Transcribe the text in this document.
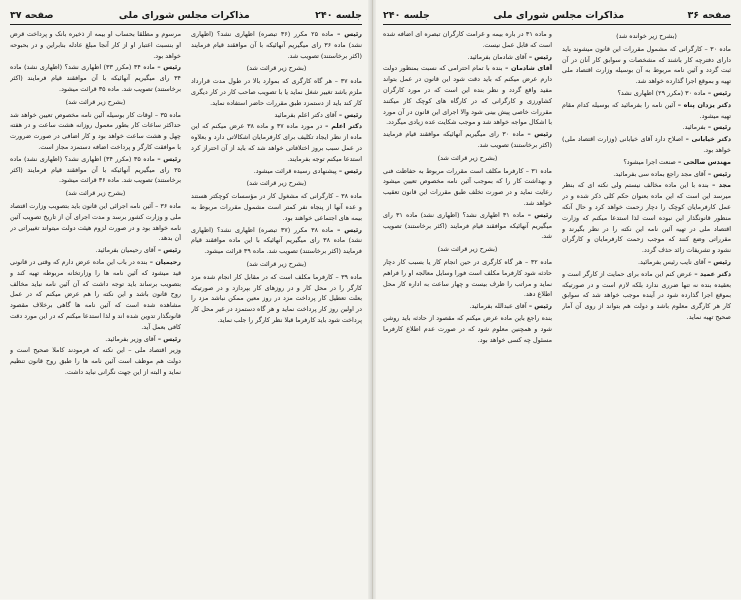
جلسه ۲۴۰
مذاکرات مجلس شورای ملی
صفحه ۳۷

رئیس – ماده ۲۵ مکرر (۳۶ تبصره) اظهاری نشد؟ (اظهاری نشد) ماده ۳۶ رای میگیریم آنهائیکه با آن موافقند قیام فرمایند (اکثر برخاستند) تصویب شد.

(بشرح زیر قرائت شد)

ماده ۳۷ – هر گاه کارگری که بموارد بالا در طول مدت قرارداد ملزم باشد تغییر شغل نماید یا با تصویب صاحب کار در کار دیگری کار کند باید از دستمزد طبق مقررات حاضر استفاده نماید.

رئیس – آقای دکتر اعلم بفرمائید

دکتر اعلم – در مورد ماده ۳۷ و ماده ۳۸ عرض میکنم که این ماده از نظر ایجاد تکلیف برای کارفرمایان اشکالاتی دارد و بعلاوه در عمل سبب بروز اختلافاتی خواهد شد که باید از آن احتراز کرد استدعا میکنم توجه بفرمایند.

رئیس – پیشنهادی رسیده قرائت میشود.

(بشرح زیر قرائت شد)

ماده ۳۸ – کارگرانی که مشغول کار در مؤسسات کوچکتر هستند و عده آنها از پنجاه نفر کمتر است مشمول مقررات مربوط به بیمه های اجتماعی خواهند بود.

رئیس – ماده ۳۸ مکرر (۳۷ تبصره) اظهاری نشد؟ (اظهاری نشد) ماده ۳۸ رای میگیریم آنهائیکه با این ماده موافقند قیام فرمایند (اکثر برخاستند) تصویب شد. ماده ۳۹ قرائت میشود.

(بشرح زیر قرائت شد)

ماده ۳۹ – کارفرما مکلف است که در مقابل کار انجام شده مزد کارگر را در محل کار و در روزهای کار بپردازد و در صورتیکه بعلت تعطیل کار پرداخت مزد در روز معین ممکن نباشد مزد را در اولین روز کار پرداخت نماید و هر گاه دستمزد در غیر محل کار پرداخت شود باید کارفرما قبلا نظر کارگر را جلب نماید.

مرسوم و مطلقا بحساب او بیمه از ذخیره بانک و پرداخت قرض او بنسبت اعتبار او از کار آنجا مبلغ عادله بنابراین و در بحبوحه خواهد بود.

رئیس – ماده ۳۴ (مکرر ۳۳) اظهاری نشد؟ (اظهاری نشد) ماده ۳۴ رای میگیریم آنهائیکه با آن موافقند قیام فرمایند (اکثر برخاستند) تصویب شد. ماده ۳۵ قرائت میشود.

(بشرح زیر قرائت شد)

ماده ۳۵ – اوقات کار بوسیله آئین نامه مخصوص تعیین خواهد شد حداکثر ساعات کار بطور معمول روزانه هشت ساعت و در هفته چهل و هشت ساعت خواهد بود و کار اضافی در صورت ضرورت با موافقت کارگر و پرداخت اضافه دستمزد مجاز است.

رئیس – ماده ۳۵ (مکرر ۳۴) اظهاری نشد؟ (اظهاری نشد) ماده ۳۵ رای میگیریم آنهائیکه با آن موافقند قیام فرمایند (اکثر برخاستند) تصویب شد. ماده ۳۶ قرائت میشود.

(بشرح زیر قرائت شد)

ماده ۳۶ – آئین نامه اجرائی این قانون باید بتصویب وزارت اقتصاد ملی و وزارت کشور برسد و مدت اجرای آن از تاریخ تصویب آئین نامه خواهد بود و در صورت لزوم هیئت دولت میتواند تغییراتی در آن بدهد.

رئیس – آقای رحیمیان بفرمائید.

رحیمیان – بنده در باب این ماده عرض دارم که وقتی در قانونی قید میشود که آئین نامه ها را وزارتخانه مربوطه تهیه کند و بتصویب برساند باید توجه داشت که آن آئین نامه نباید مخالف روح قانون باشد و این نکته را هم عرض میکنم که در عمل مشاهده شده است که آئین نامه ها گاهی برخلاف مقصود قانونگذار تدوین شده اند و لذا استدعا میکنم که در این مورد دقت کافی بعمل آید.

رئیس – آقای وزیر بفرمائید.

وزیر اقتصاد ملی – این نکته که فرمودند کاملا صحیح است و دولت هم موظف است آئین نامه ها را طبق روح قانون تنظیم نماید و البته از این جهت نگرانی نباید داشت.

صفحه ۳۶
مذاکرات مجلس شورای ملی
جلسه ۲۴۰

(بشرح زیر خوانده شد)

ماده ۳۰ – کارگرانی که مشمول مقررات این قانون میشوند باید دارای دفترچه کار باشند که مشخصات و سوابق کار آنان در آن ثبت گردد و آئین نامه مربوط به آن بوسیله وزارت اقتصاد ملی تهیه و بموقع اجرا گذارده خواهد شد.

رئیس – ماده ۳۰ (مکرر ۲۹) اظهاری نشد؟

دکتر یزدان پناه – آئین نامه را بفرمائید که بوسیله کدام مقام تهیه میشود.

رئیس – بفرمائید.

دکتر خیابانی – اصلاح دارد آقای خیابانی (وزارت اقتصاد ملی) خواهد بود.

مهندس صالحی – صنعت اجرا میشود؟

رئیس – آقای مجد راجع بماده سی بفرمائید.

مجد – بنده با این ماده مخالف نیستم ولی نکته ای که بنظر میرسد این است که این ماده بعنوان حکم کلی ذکر شده و در عمل کارفرمایان کوچک را دچار زحمت خواهد کرد و حال آنکه منظور قانونگذار این نبوده است لذا استدعا میکنم که وزارت اقتصاد ملی در تهیه آئین نامه این نکته را در نظر بگیرند و مقرراتی وضع کنند که موجب زحمت کارفرمایان و کارگران نشود و تشریفات زائد حذف گردد.

رئیس – آقای نایب رئیس بفرمائید.

دکتر عمید – عرض کنم این ماده برای حمایت از کارگر است و بعقیده بنده نه تنها ضرری ندارد بلکه لازم است و در صورتیکه بموقع اجرا گذارده شود در آینده موجب خواهد شد که سوابق کار هر کارگری معلوم باشد و دولت هم بتواند از روی آن آمار صحیح تهیه نماید.

و ماده ۳۱ در باره بیمه و غرامت کارگران تبصره ای اضافه شده است که قابل عمل نیست.

رئیس – آقای شادمان بفرمائید.

آقای شادمان – بنده با تمام احترامی که نسبت بمنظور دولت دارم عرض میکنم که باید دقت شود این قانون در عمل بتواند مفید واقع گردد و نظر بنده این است که در مورد کارگران کشاورزی و کارگرانی که در کارگاه های کوچک کار میکنند مقررات خاصی پیش بینی شود والا اجرای این قانون در آن مورد با اشکال مواجه خواهد شد و موجب شکایت عده زیادی میگردد.

رئیس – ماده ۳۰ رای میگیریم آنهائیکه موافقند قیام فرمایند (اکثر برخاستند) تصویب شد.

(بشرح زیر قرائت شد)

ماده ۳۱ – کارفرما مکلف است مقررات مربوط به حفاظت فنی و بهداشت کار را که بموجب آئین نامه مخصوص تعیین میشود رعایت نماید و در صورت تخلف طبق مقررات این قانون تعقیب خواهد شد.

رئیس – ماده ۳۱ اظهاری نشد؟ (اظهاری نشد) ماده ۳۱ رای میگیریم آنهائیکه موافقند قیام فرمایند (اکثر برخاستند) تصویب شد.

(بشرح زیر قرائت شد)

ماده ۳۲ – هر گاه کارگری در حین انجام کار یا بسبب کار دچار حادثه شود کارفرما مکلف است فورا وسایل معالجه او را فراهم نماید و مراتب را ظرف بیست و چهار ساعت به اداره کار محل اطلاع دهد.

رئیس – آقای عبدالله بفرمائید.

بنده راجع باین ماده عرض میکنم که مقصود از حادثه باید روشن شود و همچنین معلوم شود که در صورت عدم اطلاع کارفرما مسئول چه کسی خواهد بود.
